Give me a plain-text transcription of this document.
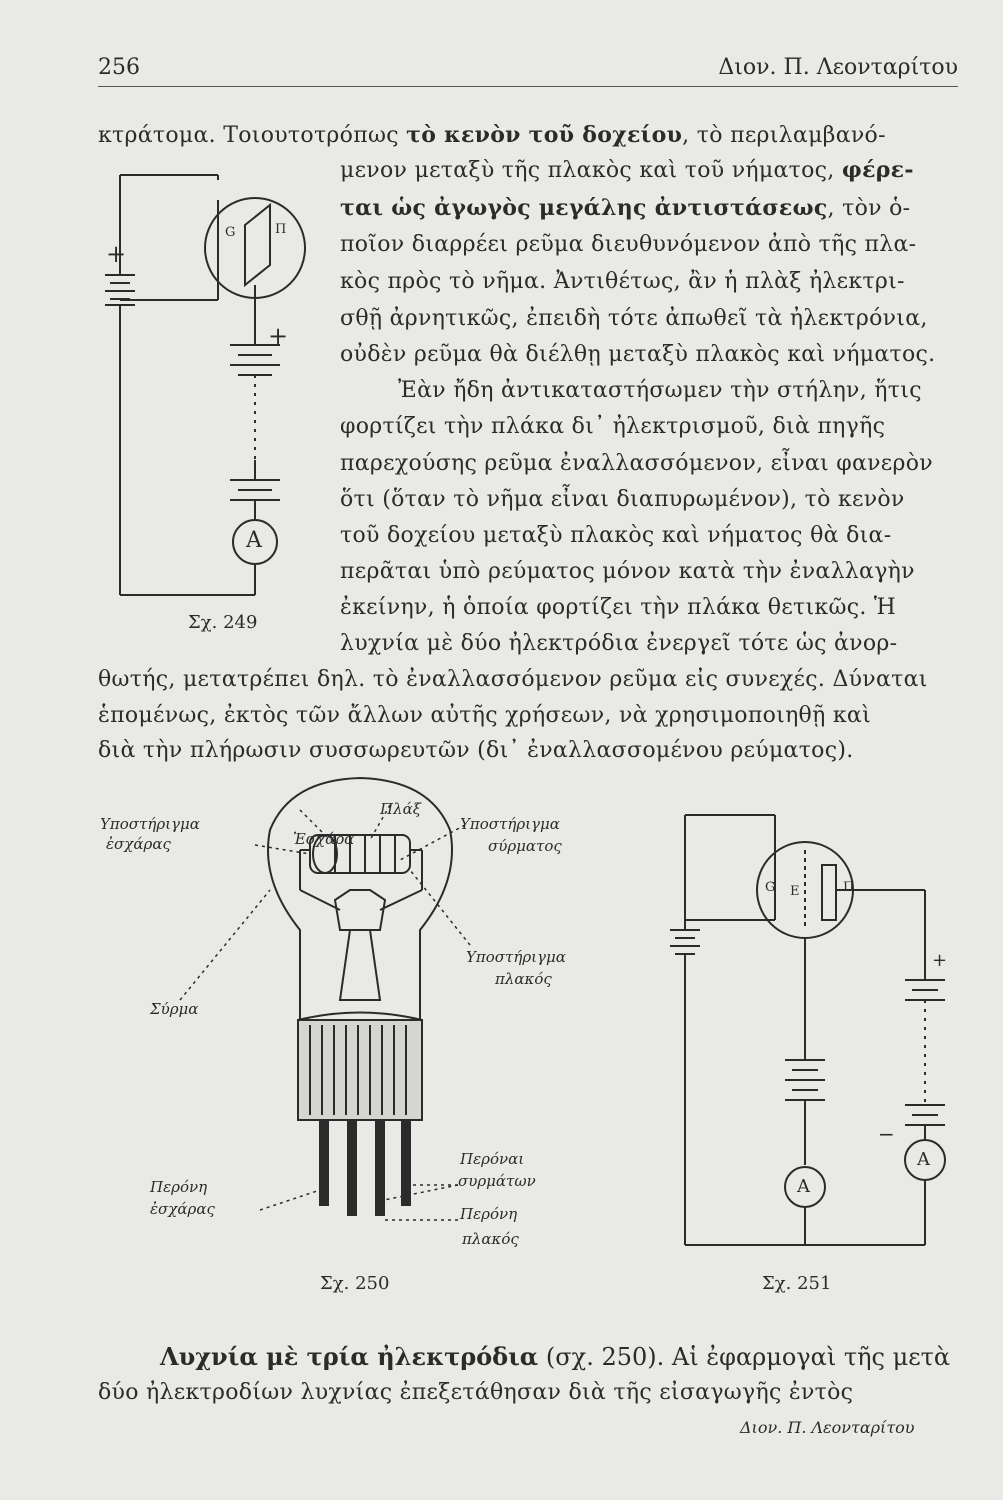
256	Διον. Π. Λεονταρίτου
κτράτομα. Τοιουτοτρόπως τὸ κενὸν τοῦ δοχείου, τὸ περιλαμβανό-
μενον μεταξὺ τῆς πλακὸς καὶ τοῦ νήματος, φέρε-
ται ὡς ἀγωγὸς μεγάλης ἀντιστάσεως, τὸν ὁ-
ποῖον διαρρέει ρεῦμα διευθυνόμενον ἀπὸ τῆς πλα-
κὸς πρὸς τὸ νῆμα. Ἀντιθέτως, ἂν ἡ πλὰξ ἠλεκτρι-
σθῇ ἀρνητικῶς, ἐπειδὴ τότε ἀπωθεῖ τὰ ἠλεκτρόνια,
οὐδὲν ρεῦμα θὰ διέλθῃ μεταξὺ πλακὸς καὶ νήματος.
Ἐὰν ἤδη ἀντικαταστήσωμεν τὴν στήλην, ἥτις
φορτίζει τὴν πλάκα δι᾽ ἠλεκτρισμοῦ, διὰ πηγῆς
παρεχούσης ρεῦμα ἐναλλασσόμενον, εἶναι φανερὸν
ὅτι (ὅταν τὸ νῆμα εἶναι διαπυρωμένον), τὸ κενὸν
τοῦ δοχείου μεταξὺ πλακὸς καὶ νήματος θὰ δια-
περᾶται ὑπὸ ρεύματος μόνον κατὰ τὴν ἐναλλαγὴν
ἐκείνην, ἡ ὁποία φορτίζει τὴν πλάκα θετικῶς. Ἡ
λυχνία μὲ δύο ἠλεκτρόδια ἐνεργεῖ τότε ὡς ἀνορ-
θωτής, μετατρέπει δηλ. τὸ ἐναλλασσόμενον ρεῦμα εἰς συνεχές. Δύναται
ἑπομένως, ἐκτὸς τῶν ἄλλων αὐτῆς χρήσεων, νὰ χρησιμοποιηθῇ καὶ
διὰ τὴν πλήρωσιν συσσωρευτῶν (δι᾽ ἐναλλασσομένου ρεύματος).
+
G	Π
+
A
Σχ. 249
Υποστήριγμα
ἐσχάρας	Ἐσχάρα
Πλάξ
Υποστήριγμα
σύρματος
Υποστήριγμα
πλακός
Σύρμα
Περόναι
συρμάτων
Περόνη
ἐσχάρας	Περόνη
πλακός
Σχ. 250
G E	Π
+
−
A
A
Σχ. 251
Λυχνία μὲ τρία ἠλεκτρόδια (σχ. 250). Αἱ ἐφαρμογαὶ τῆς μετὰ
δύο ἠλεκτροδίων λυχνίας ἐπεξετάθησαν διὰ τῆς εἰσαγωγῆς ἐντὸς
Διον. Π. Λεονταρίτου
